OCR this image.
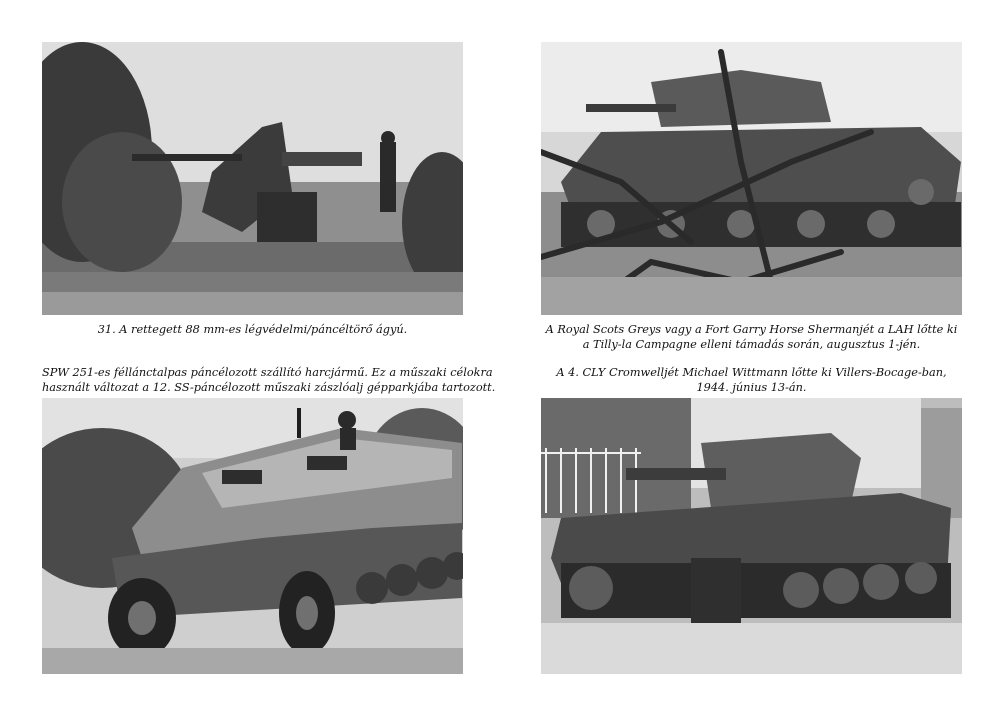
31. A rettegett 88 mm-es légvédelmi/páncéltörő ágyú.	A Royal Scots Greys vagy a Fort Garry Horse Shermanjét a LAH lőtte ki
a Tilly-la Campagne elleni támadás során, augusztus 1-jén.
SPW 251-es féllánctalpas páncélozott szállító harcjármű. Ez a műszaki célokra
használt változat a 12. SS-páncélozott műszaki zászlóalj gépparkjába tartozott.
A 4. CLY Cromwelljét Michael Wittmann lőtte ki Villers-Bocage-ban,
1944. június 13-án.
